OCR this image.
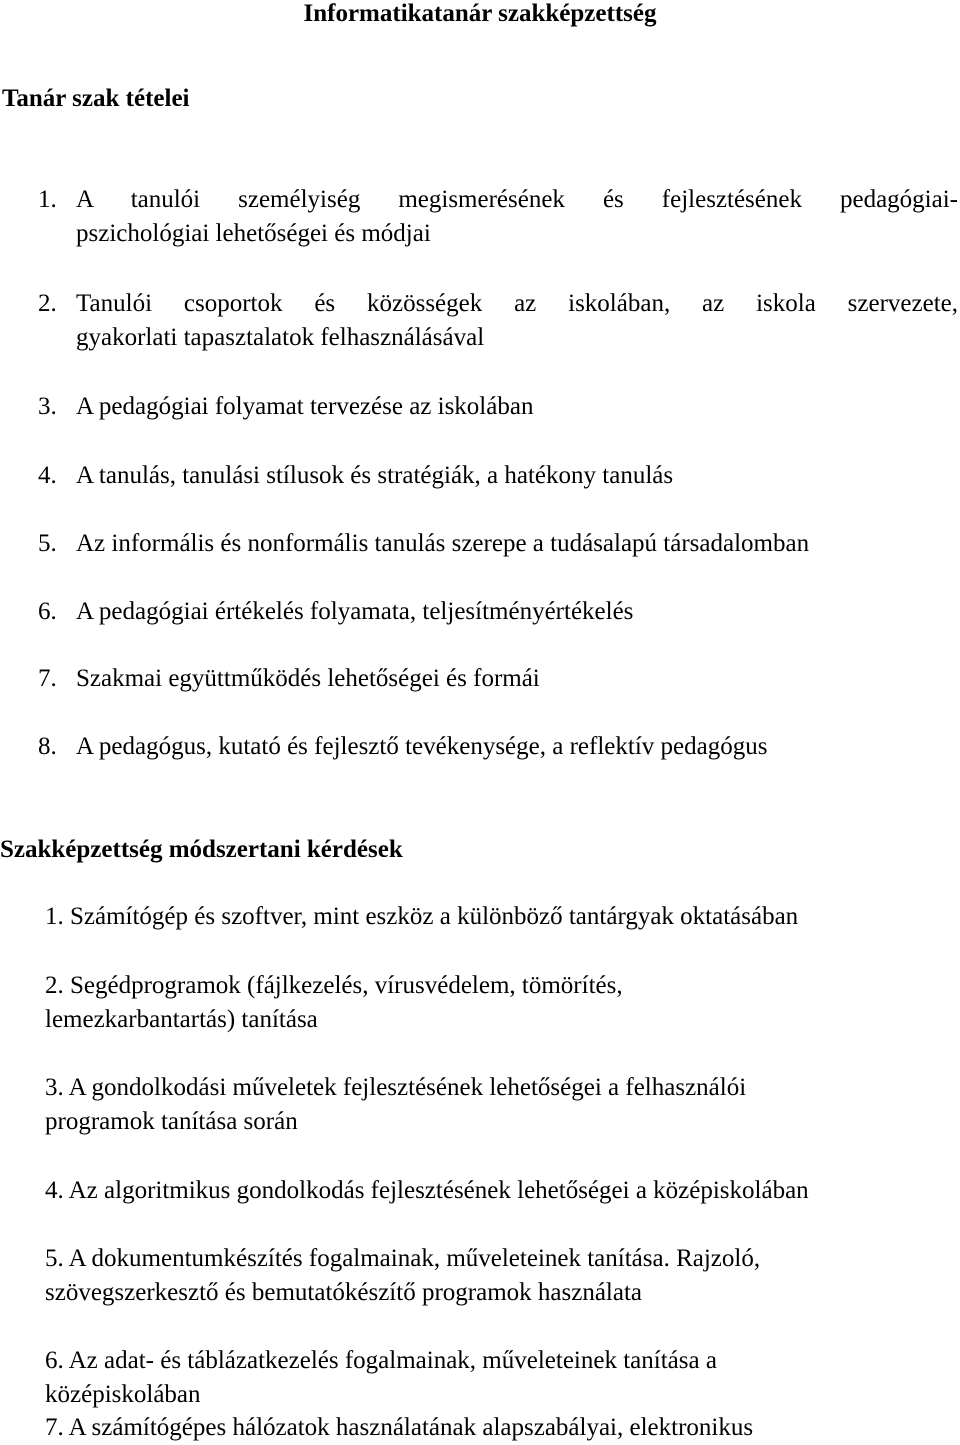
Informatikatanár szakképzettség
Tanár szak tételei
1. A tanulói személyiség megismerésének és fejlesztésének pedagógiai-
pszichológiai lehetőségei és módjai
2. Tanulói csoportok és közösségek az iskolában, az iskola szervezete,
gyakorlati tapasztalatok felhasználásával
3. A pedagógiai folyamat tervezése az iskolában
4. A tanulás, tanulási stílusok és stratégiák, a hatékony tanulás
5. Az informális és nonformális tanulás szerepe a tudásalapú társadalomban
6. A pedagógiai értékelés folyamata, teljesítményértékelés
7. Szakmai együttműködés lehetőségei és formái
8. A pedagógus, kutató és fejlesztő tevékenysége, a reflektív pedagógus
Szakképzettség módszertani kérdések
1. Számítógép és szoftver, mint eszköz a különböző tantárgyak oktatásában
2. Segédprogramok (fájlkezelés, vírusvédelem, tömörítés,
lemezkarbantartás) tanítása
3. A gondolkodási műveletek fejlesztésének lehetőségei a felhasználói
programok tanítása során
4. Az algoritmikus gondolkodás fejlesztésének lehetőségei a középiskolában
5. A dokumentumkészítés fogalmainak, műveleteinek tanítása. Rajzoló,
szövegszerkesztő és bemutatókészítő programok használata
6. Az adat- és táblázatkezelés fogalmainak, műveleteinek tanítása a
középiskolában
7. A számítógépes hálózatok használatának alapszabályai, elektronikus
